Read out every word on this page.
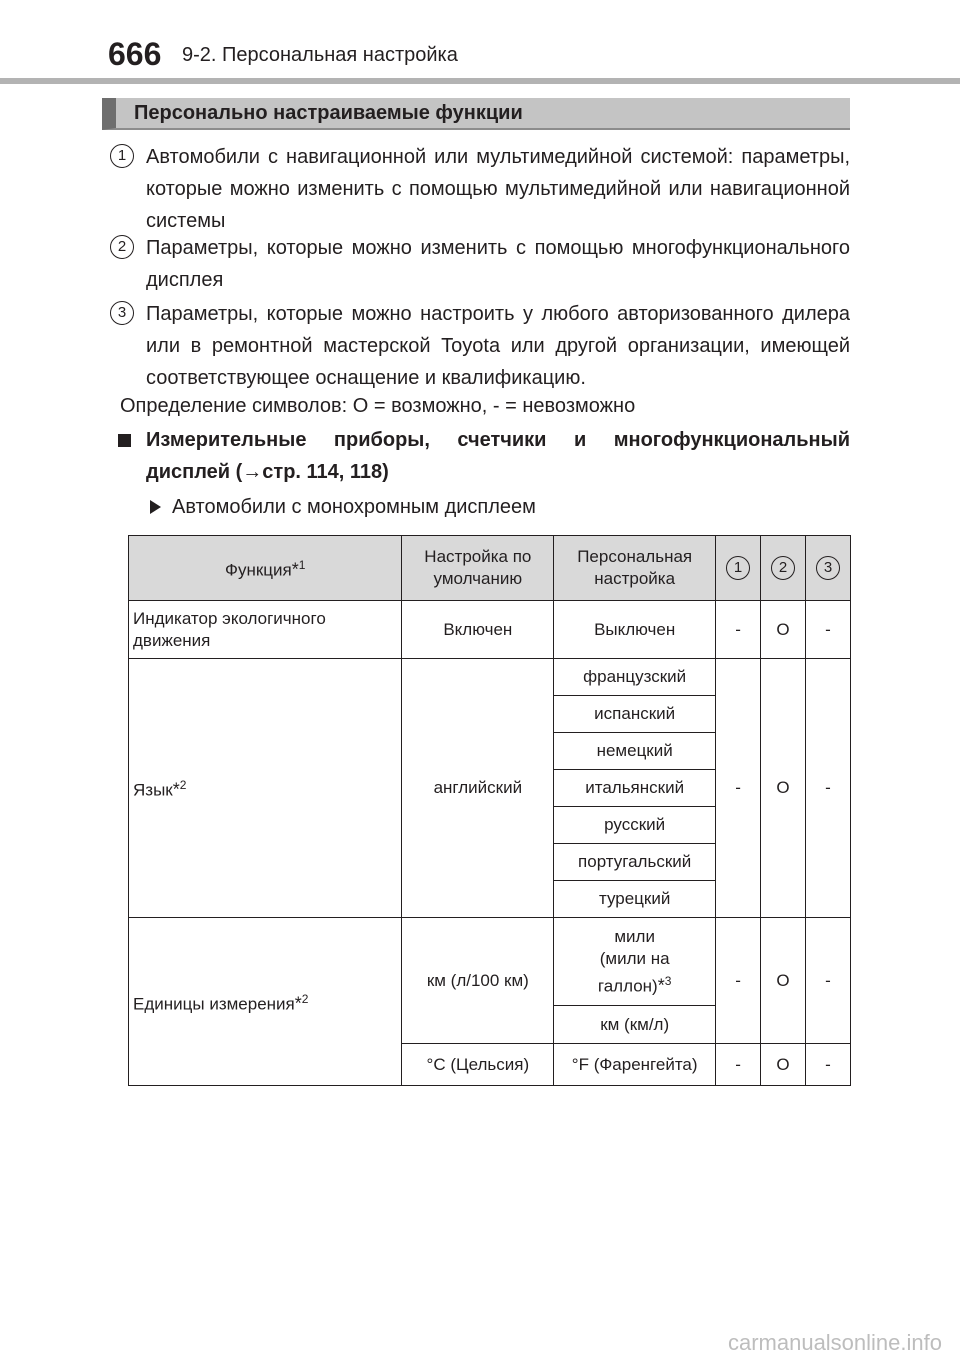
666 9-2. Персональная настройка
Персонально настраиваемые функции
1 Автомобили с навигационной или мультимедийной системой: параметры, которые можно изменить с помощью мультимедийной или навигационной системы
2 Параметры, которые можно изменить с помощью многофункционального дисплея
3 Параметры, которые можно настроить у любого авторизованного дилера или в ремонтной мастерской Toyota или другой организации, имеющей соответствующее оснащение и квалификацию.
Определение символов: O = возможно, - = невозможно
Измерительные приборы, счетчики и многофункциональный дисплей (→стр. 114, 118)
Автомобили с монохромным дисплеем
Функция*$^1$	Настройка по умолчанию	Персональная настройка	1	2	3
Индикатор экологичного движения	Включен	Выключен	-	O	-
Язык*$^2$	английский	французский	-	O	-
		испанский			
		немецкий			
		итальянский			
		русский			
		португальский			
		турецкий			
Единицы измерения*$^2$	км (л/100 км)	мили
(мили на
галлон)*$^3$	-	O	-
		км (км/л)			
	°C (Цельсия)	°F (Фаренгейта)	-	O	-
carmanualsonline.info
